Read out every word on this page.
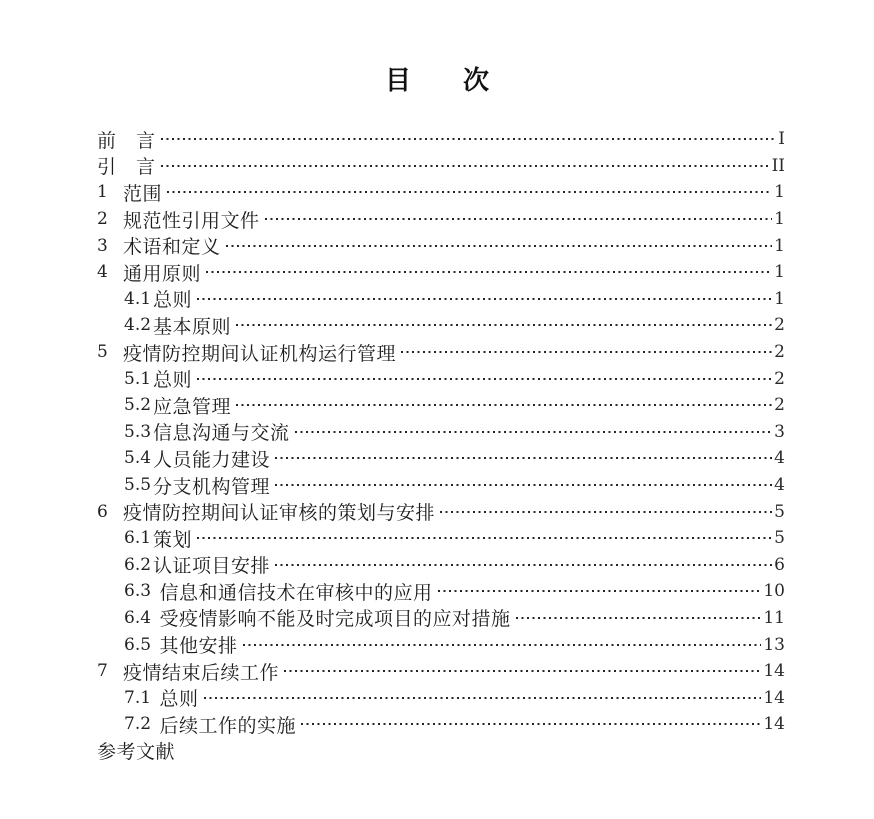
目　　次
前　言	I
引　言	II
1 范围	1
2 规范性引用文件	1
3 术语和定义	1
4 通用原则	1
4.1 总则	1
4.2 基本原则	2
5 疫情防控期间认证机构运行管理	2
5.1 总则	2
5.2 应急管理	2
5.3 信息沟通与交流	3
5.4 人员能力建设	4
5.5 分支机构管理	4
6 疫情防控期间认证审核的策划与安排	5
6.1 策划	5
6.2 认证项目安排	6
6.3 信息和通信技术在审核中的应用	10
6.4 受疫情影响不能及时完成项目的应对措施	11
6.5 其他安排	13
7 疫情结束后续工作	14
7.1 总则	14
7.2 后续工作的实施	14
参考文献
